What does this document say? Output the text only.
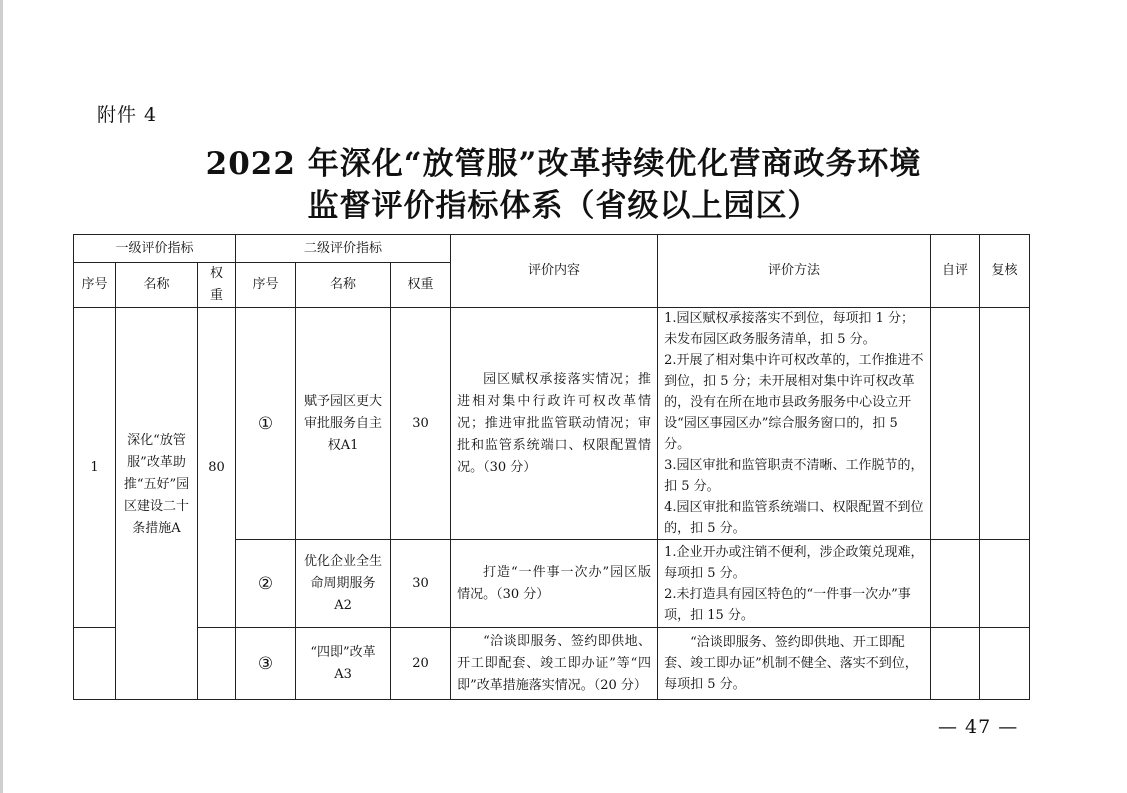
附件 4
2022 年深化“放管服”改革持续优化营商政务环境
监督评价指标体系（省级以上园区）
一级评价指标			二级评价指标			评价内容	评价方法	自评	复核
序号	名称	权重	序号	名称	权重				
1	深化“放管服”改革助推“五好”园区建设二十条措施A	80	①	赋予园区更大审批服务自主权A1	30	园区赋权承接落实情况；推进相对集中行政许可权改革情况；推进审批监管联动情况；审批和监管系统端口、权限配置情况。（30 分）	1.园区赋权承接落实不到位，每项扣 1 分；未发布园区政务服务清单，扣 5 分。
2.开展了相对集中许可权改革的，工作推进不到位，扣 5 分；未开展相对集中许可权改革的，没有在所在地市县政务服务中心设立开设“园区事园区办”综合服务窗口的，扣 5 分。
3.园区审批和监管职责不清晰、工作脱节的，扣 5 分。
4.园区审批和监管系统端口、权限配置不到位的，扣 5 分。		

			②	优化企业全生命周期服务A2	30	打造“一件事一次办”园区版情况。（30 分）	1.企业开办或注销不便利，涉企政策兑现难，每项扣 5 分。
2.未打造具有园区特色的“一件事一次办”事项，扣 15 分。		

			③	“四即”改革A3	20	“洽谈即服务、签约即供地、开工即配套、竣工即办证”等“四即”改革措施落实情况。（20 分）	“洽谈即服务、签约即供地、开工即配套、竣工即办证”机制不健全、落实不到位，每项扣 5 分。		

— 47 —
